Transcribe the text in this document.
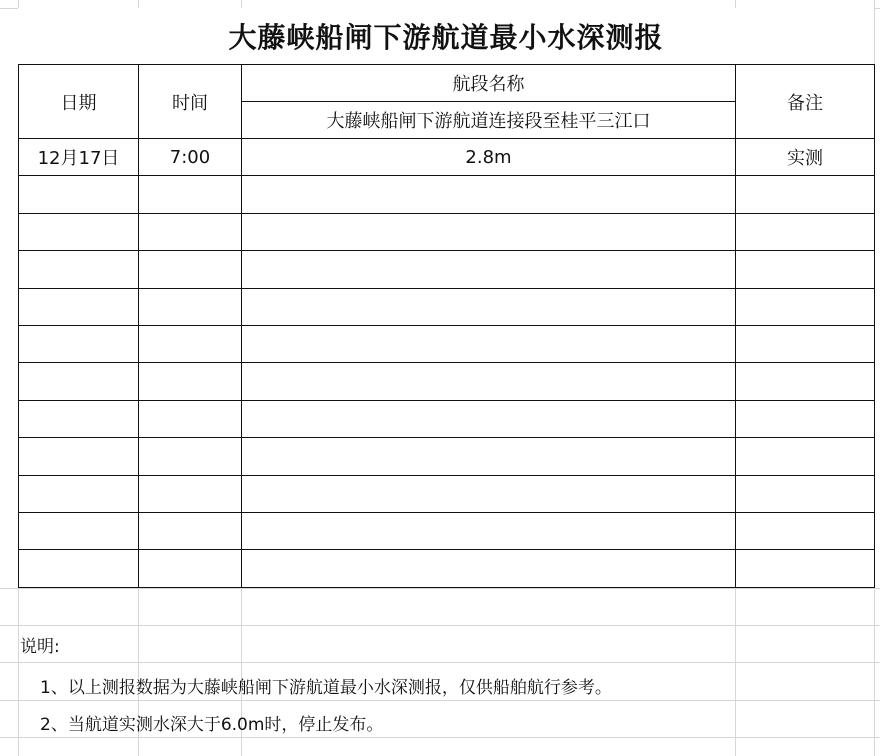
大藤峡船闸下游航道最小水深测报
日期	时间	航段名称	备注
		大藤峡船闸下游航道连接段至桂平三江口	
12月17日	7:00	2.8m	实测

说明:
1、以上测报数据为大藤峡船闸下游航道最小水深测报，仅供船舶航行参考。
2、当航道实测水深大于6.0m时，停止发布。
